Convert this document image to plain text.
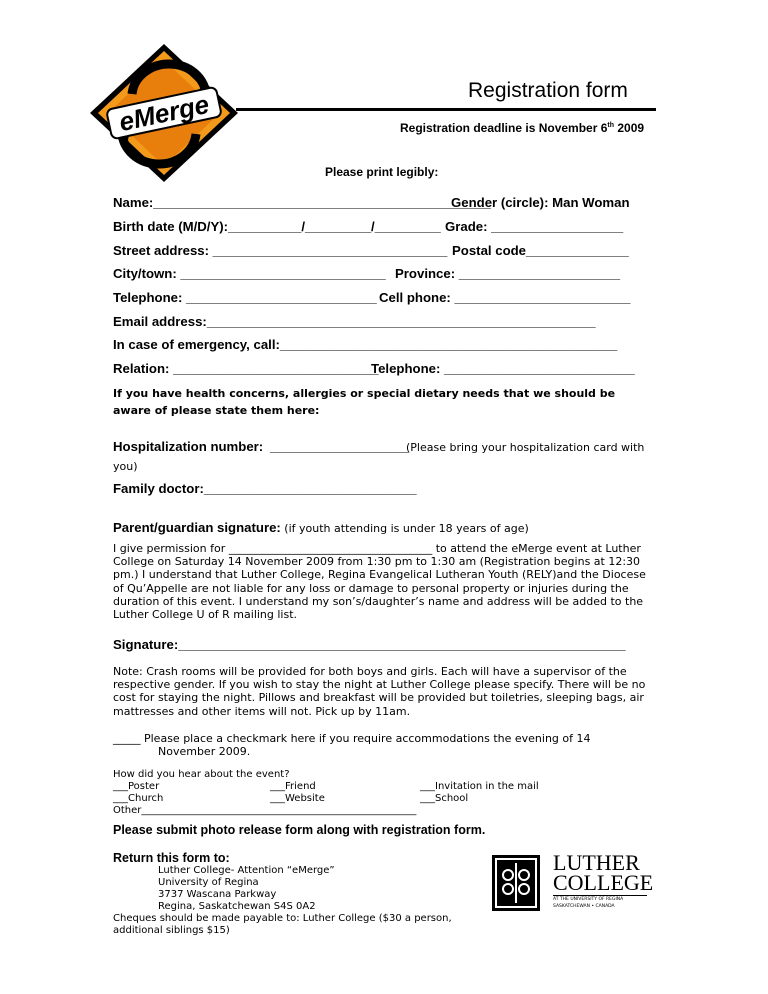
eMerge	Registration form
Registration deadline is November 6th 2009
Please print legibly:
Name:______________________________________________
Gender (circle): Man Woman
Birth date (M/D/Y):__________/_________/_________ Grade: __________________
Street address: ________________________________ Postal code______________
City/town: ____________________________ Province: ______________________
Telephone: __________________________ Cell phone: ________________________
Email address:_____________________________________________________
In case of emergency, call:______________________________________________
Relation: ____________________________
Telephone: __________________________
If you have health concerns, allergies or special dietary needs that we should be aware of please state them here:
Hospitalization number: ___________________
(Please bring your hospitalization card with
you)
Family doctor:_____________________________
Parent/guardian signature: (if youth attending is under 18 years of age)
I give permission for _____________________________________ to attend the eMerge event at Luther College on Saturday 14 November 2009 from 1:30 pm to 1:30 am (Registration begins at 12:30 pm.) I understand that Luther College, Regina Evangelical Lutheran Youth (RELY)and the Diocese of Qu’Appelle are not liable for any loss or damage to personal property or injuries during the duration of this event. I understand my son’s/daughter’s name and address will be added to the Luther College U of R mailing list.
Signature:_____________________________________________________________
Note: Crash rooms will be provided for both boys and girls. Each will have a supervisor of the respective gender. If you wish to stay the night at Luther College please specify. There will be no cost for staying the night. Pillows and breakfast will be provided but toiletries, sleeping bags, air mattresses and other items will not. Pick up by 11am.
_____ Please place a checkmark here if you require accommodations the evening of 14
November 2009.
How did you hear about the event?
___Poster	___Friend	___Invitation in the mail
___Church	___Website	___School
Other_______________________________________________________
Please submit photo release form along with registration form.
Return this form to:
Luther College- Attention “eMerge”
University of Regina
3737 Wascana Parkway
Regina, Saskatchewan S4S 0A2
Cheques should be made payable to: Luther College ($30 a person,
additional siblings $15)
LUTHER
COLLEGE
AT THE UNIVERSITY OF REGINA
SASKATCHEWAN • CANADA
